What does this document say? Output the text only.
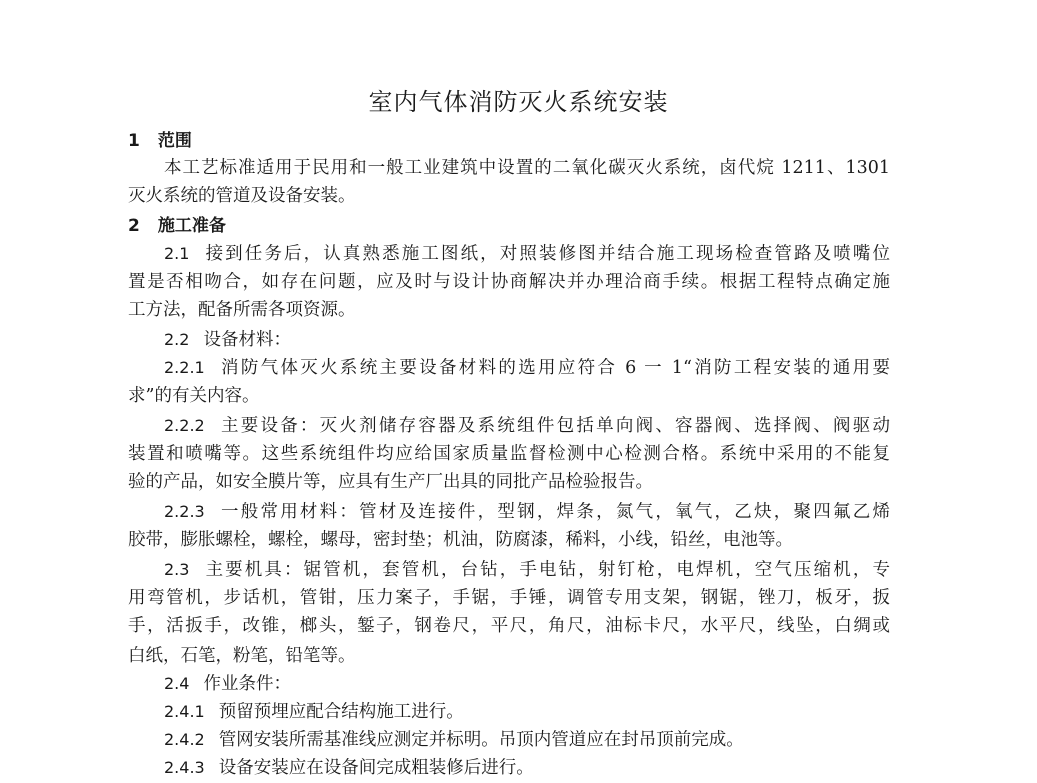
室内气体消防灭火系统安装
1 范围
本工艺标准适用于民用和一般工业建筑中设置的二氧化碳灭火系统，卤代烷 1211、1301
灭火系统的管道及设备安装。
2 施工准备
2.1 接到任务后，认真熟悉施工图纸，对照装修图并结合施工现场检查管路及喷嘴位
置是否相吻合，如存在问题，应及时与设计协商解决并办理洽商手续。根据工程特点确定施
工方法，配备所需各项资源。
2.2 设备材料：
2.2.1 消防气体灭火系统主要设备材料的选用应符合 6 一 1“消防工程安装的通用要
求”的有关内容。
2.2.2 主要设备：灭火剂储存容器及系统组件包括单向阀、容器阀、选择阀、阀驱动
装置和喷嘴等。这些系统组件均应给国家质量监督检测中心检测合格。系统中采用的不能复
验的产品，如安全膜片等，应具有生产厂出具的同批产品检验报告。
2.2.3 一般常用材料：管材及连接件，型钢，焊条，氮气，氧气，乙炔，聚四氟乙烯
胶带，膨胀螺栓，螺栓，螺母，密封垫；机油，防腐漆，稀料，小线，铅丝，电池等。
2.3 主要机具：锯管机，套管机，台钻，手电钻，射钉枪，电焊机，空气压缩机，专
用弯管机，步话机，管钳，压力案子，手锯，手锤，调管专用支架，钢锯，锉刀，板牙，扳
手，活扳手，改锥，榔头，錾子，钢卷尺，平尺，角尺，油标卡尺，水平尺，线坠，白绸或
白纸，石笔，粉笔，铅笔等。
2.4 作业条件：
2.4.1 预留预埋应配合结构施工进行。
2.4.2 管网安装所需基准线应测定并标明。吊顶内管道应在封吊顶前完成。
2.4.3 设备安装应在设备间完成粗装修后进行。
